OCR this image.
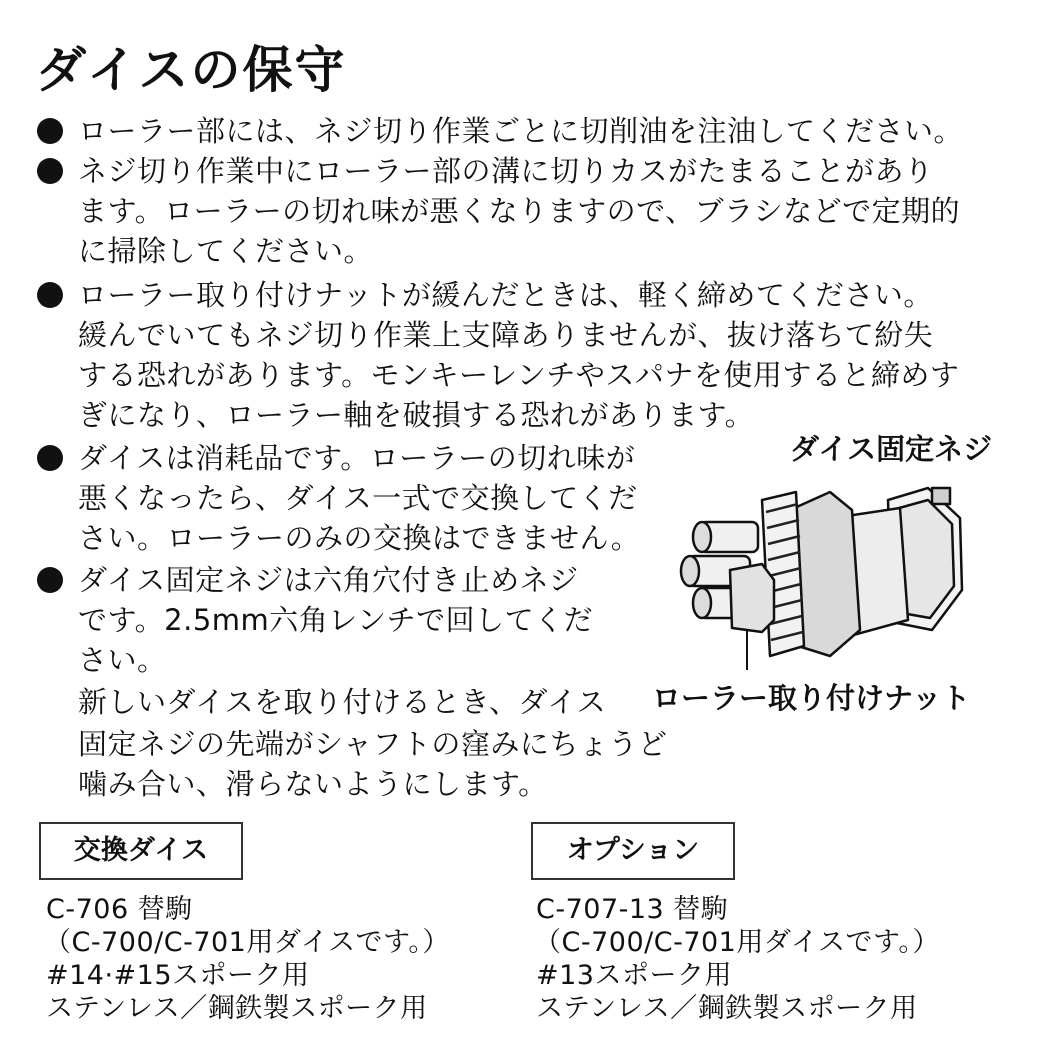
ダイスの保守
ローラー部には、ネジ切り作業ごとに切削油を注油してください。
ネジ切り作業中にローラー部の溝に切りカスがたまることがあり
ます。ローラーの切れ味が悪くなりますので、ブラシなどで定期的
に掃除してください。
ローラー取り付けナットが緩んだときは、軽く締めてください。
緩んでいてもネジ切り作業上支障ありませんが、抜け落ちて紛失
する恐れがあります。モンキーレンチやスパナを使用すると締めす
ぎになり、ローラー軸を破損する恐れがあります。
ダイスは消耗品です。ローラーの切れ味が
悪くなったら、ダイス一式で交換してくだ
さい。ローラーのみの交換はできません。
ダイス固定ネジは六角穴付き止めネジ
です。2.5mm六角レンチで回してくだ
さい。
新しいダイスを取り付けるとき、ダイス
固定ネジの先端がシャフトの窪みにちょうど
噛み合い、滑らないようにします。
ダイス固定ネジ
ローラー取り付けナット
交換ダイス
C-706 替駒
（C-700/C-701用ダイスです。）
#14·#15スポーク用
ステンレス／鋼鉄製スポーク用
オプション
C-707-13 替駒
（C-700/C-701用ダイスです。）
#13スポーク用
ステンレス／鋼鉄製スポーク用
